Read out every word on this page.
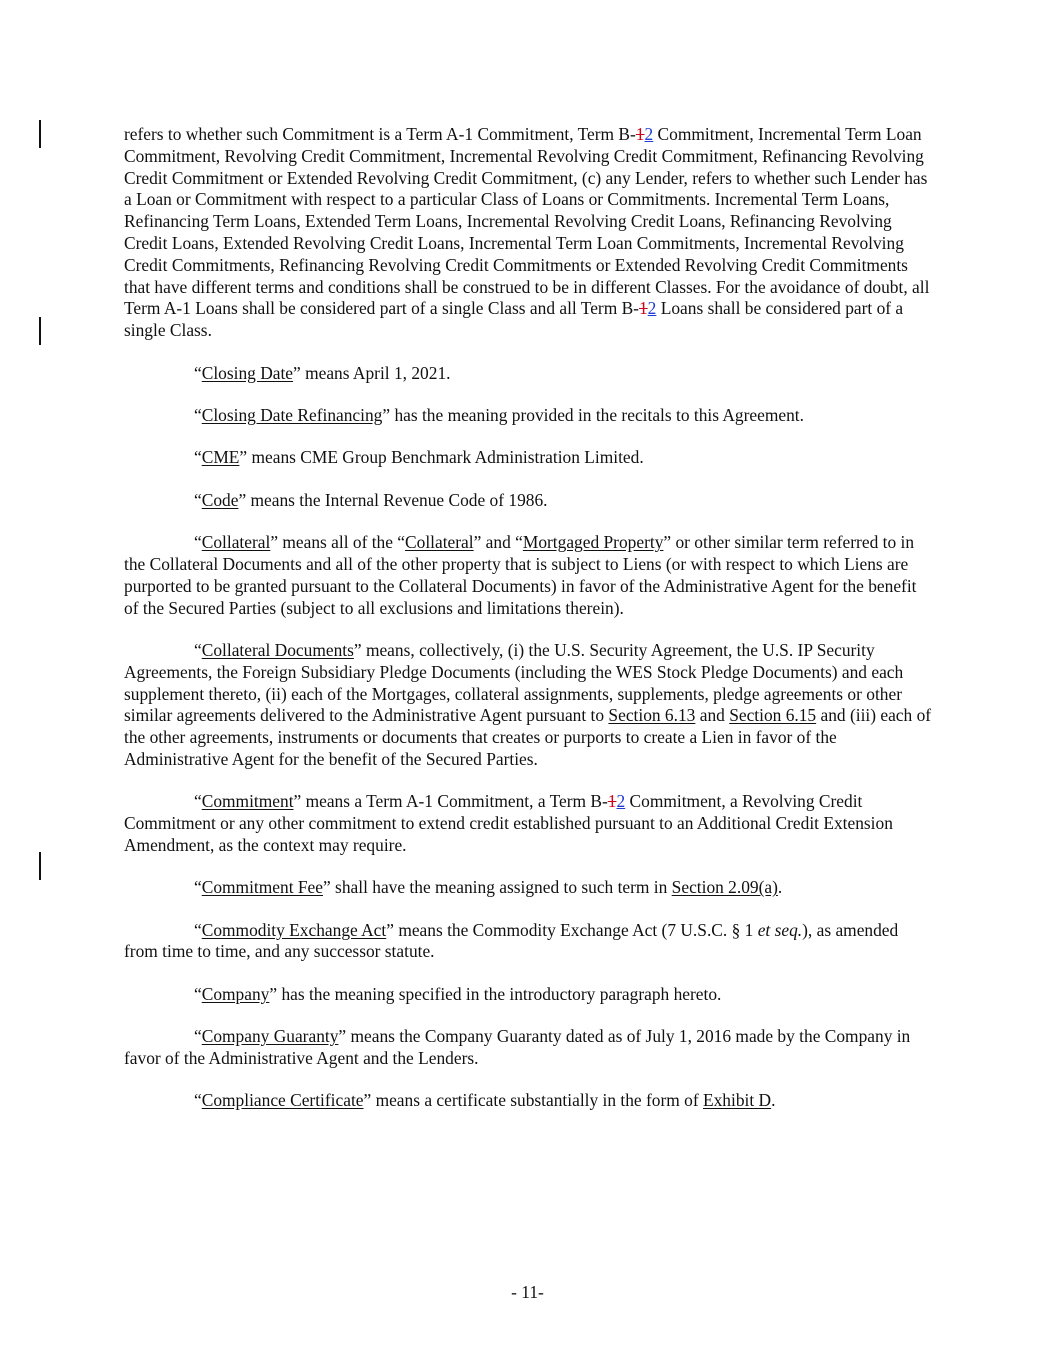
refers to whether such Commitment is a Term A-1 Commitment, Term B-12 Commitment, Incremental Term Loan Commitment, Revolving Credit Commitment, Incremental Revolving Credit Commitment, Refinancing Revolving Credit Commitment or Extended Revolving Credit Commitment, (c) any Lender, refers to whether such Lender has a Loan or Commitment with respect to a particular Class of Loans or Commitments. Incremental Term Loans, Refinancing Term Loans, Extended Term Loans, Incremental Revolving Credit Loans, Refinancing Revolving Credit Loans, Extended Revolving Credit Loans, Incremental Term Loan Commitments, Incremental Revolving Credit Commitments, Refinancing Revolving Credit Commitments or Extended Revolving Credit Commitments that have different terms and conditions shall be construed to be in different Classes. For the avoidance of doubt, all Term A-1 Loans shall be considered part of a single Class and all Term B-12 Loans shall be considered part of a single Class.

“Closing Date” means April 1, 2021.

“Closing Date Refinancing” has the meaning provided in the recitals to this Agreement.

“CME” means CME Group Benchmark Administration Limited.

“Code” means the Internal Revenue Code of 1986.

“Collateral” means all of the “Collateral” and “Mortgaged Property” or other similar term referred to in the Collateral Documents and all of the other property that is subject to Liens (or with respect to which Liens are purported to be granted pursuant to the Collateral Documents) in favor of the Administrative Agent for the benefit of the Secured Parties (subject to all exclusions and limitations therein).

“Collateral Documents” means, collectively, (i) the U.S. Security Agreement, the U.S. IP Security Agreements, the Foreign Subsidiary Pledge Documents (including the WES Stock Pledge Documents) and each supplement thereto, (ii) each of the Mortgages, collateral assignments, supplements, pledge agreements or other similar agreements delivered to the Administrative Agent pursuant to Section 6.13 and Section 6.15 and (iii) each of the other agreements, instruments or documents that creates or purports to create a Lien in favor of the Administrative Agent for the benefit of the Secured Parties.

“Commitment” means a Term A-1 Commitment, a Term B-12 Commitment, a Revolving Credit Commitment or any other commitment to extend credit established pursuant to an Additional Credit Extension Amendment, as the context may require.

“Commitment Fee” shall have the meaning assigned to such term in Section 2.09(a).

“Commodity Exchange Act” means the Commodity Exchange Act (7 U.S.C. § 1 et seq.), as amended from time to time, and any successor statute.

“Company” has the meaning specified in the introductory paragraph hereto.

“Company Guaranty” means the Company Guaranty dated as of July 1, 2016 made by the Company in favor of the Administrative Agent and the Lenders.

“Compliance Certificate” means a certificate substantially in the form of Exhibit D.

- 11-
